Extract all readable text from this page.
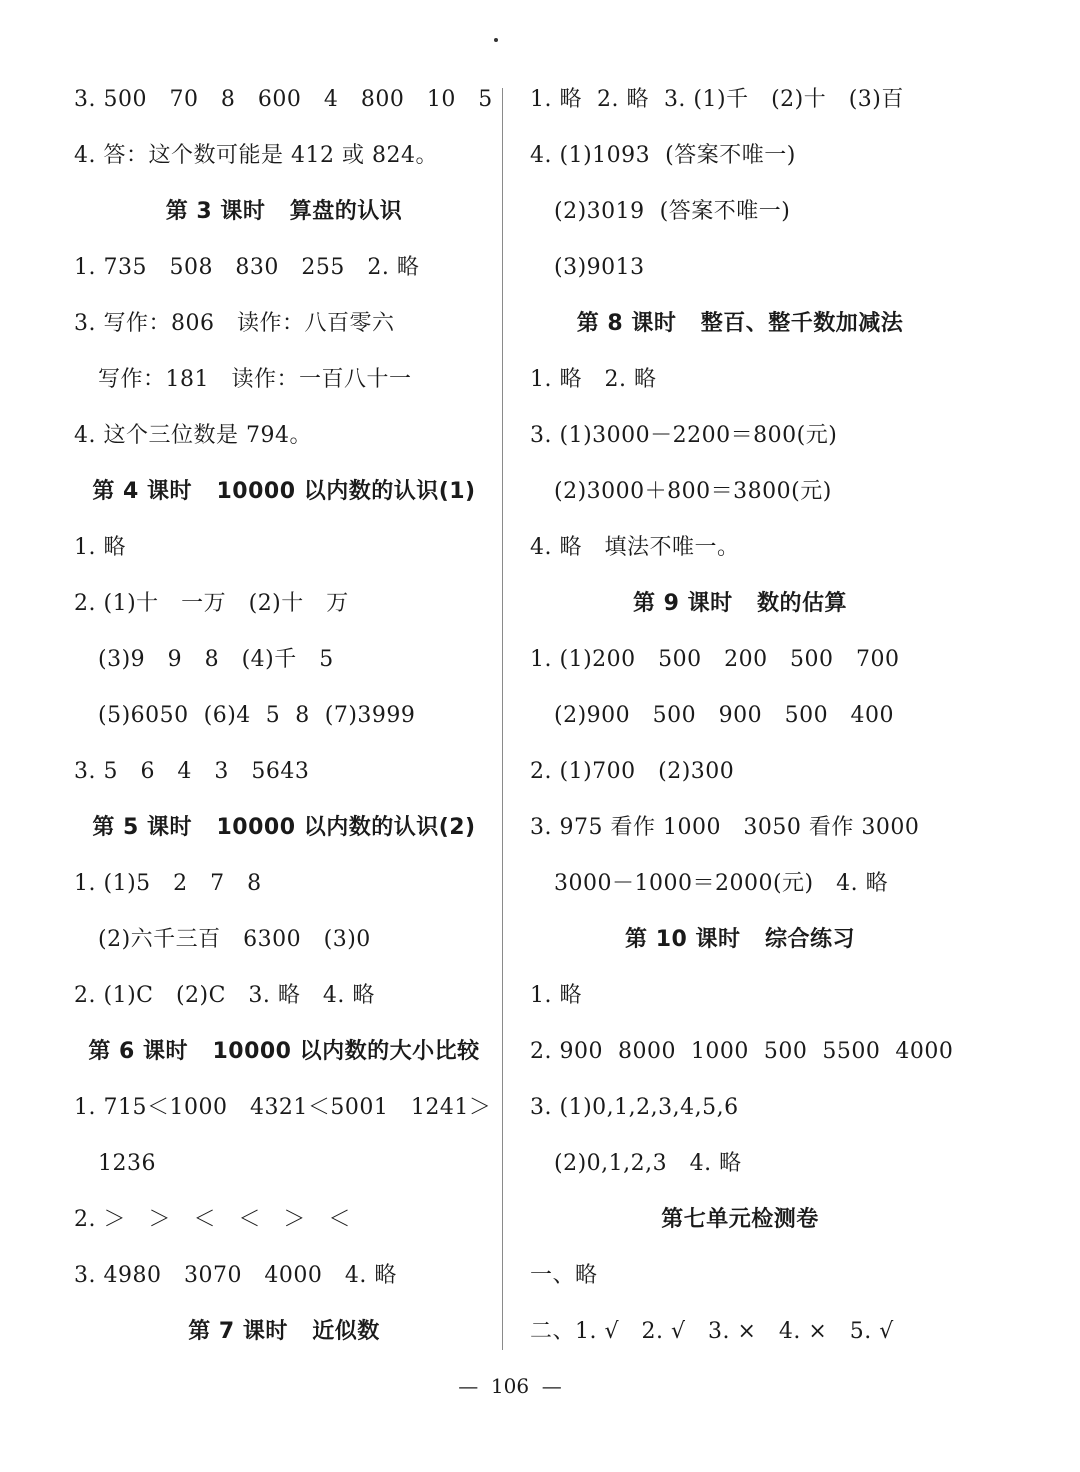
3. 500   70   8   600   4   800   10   5
4. 答：这个数可能是 412 或 824。
第 3 课时   算盘的认识
1. 735   508   830   255   2. 略
3. 写作：806   读作：八百零六
写作：181   读作：一百八十一
4. 这个三位数是 794。
第 4 课时   10000 以内数的认识(1)
1. 略
2. (1)十   一万   (2)十   万
(3)9   9   8   (4)千   5
(5)6050  (6)4  5  8  (7)3999
3. 5   6   4   3   5643
第 5 课时   10000 以内数的认识(2)
1. (1)5   2   7   8
(2)六千三百   6300   (3)0
2. (1)C   (2)C   3. 略   4. 略
第 6 课时   10000 以内数的大小比较
1. 715＜1000   4321＜5001   1241＞
1236
2. ＞   ＞   ＜   ＜   ＞   ＜
3. 4980   3070   4000   4. 略
第 7 课时   近似数
1. 略  2. 略  3. (1)千   (2)十   (3)百
4. (1)1093  (答案不唯一)
(2)3019  (答案不唯一)
(3)9013
第 8 课时   整百、整千数加减法
1. 略   2. 略
3. (1)3000－2200＝800(元)
(2)3000＋800＝3800(元)
4. 略   填法不唯一。
第 9 课时   数的估算
1. (1)200   500   200   500   700
(2)900   500   900   500   400
2. (1)700   (2)300
3. 975 看作 1000   3050 看作 3000
3000－1000＝2000(元)   4. 略
第 10 课时   综合练习
1. 略
2. 900  8000  1000  500  5500  4000
3. (1)0,1,2,3,4,5,6
(2)0,1,2,3   4. 略
第七单元检测卷
一、略
二、1. √   2. √   3. ×   4. ×   5. √
—  106  —
